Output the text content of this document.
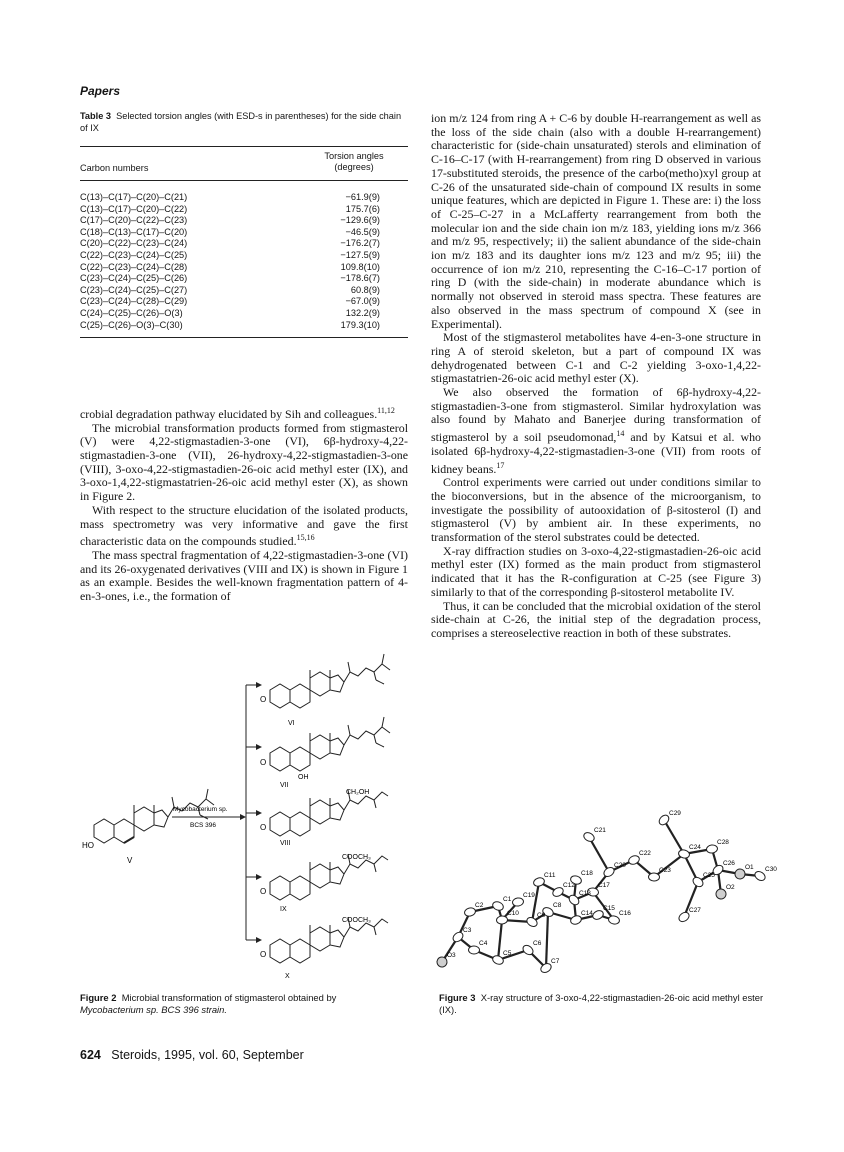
Papers
Table 3 Selected torsion angles (with ESD-s in parentheses) for the side chain of IX
Carbon numbers
Torsion angles
(degrees)
C(13)–C(17)–C(20)–C(21)	−61.9(9)
C(13)–C(17)–C(20)–C(22)	175.7(6)
C(17)–C(20)–C(22)–C(23)	−129.6(9)
C(18)–C(13)–C(17)–C(20)	−46.5(9)
C(20)–C(22)–C(23)–C(24)	−176.2(7)
C(22)–C(23)–C(24)–C(25)	−127.5(9)
C(22)–C(23)–C(24)–C(28)	109.8(10)
C(23)–C(24)–C(25)–C(26)	−178.6(7)
C(23)–C(24)–C(25)–C(27)	60.8(9)
C(23)–C(24)–C(28)–C(29)	−67.0(9)
C(24)–C(25)–C(26)–O(3)	132.2(9)
C(25)–C(26)–O(3)–C(30)	179.3(10)

crobial degradation pathway elucidated by Sih and colleagues.$^{11,12}$

The microbial transformation products formed from stigmasterol (V) were 4,22-stigmastadien-3-one (VI), 6β-hydroxy-4,22-stigmastadien-3-one (VII), 26-hydroxy-4,22-stigmastadien-3-one (VIII), 3-oxo-4,22-stigmastadien-26-oic acid methyl ester (IX), and 3-oxo-1,4,22-stigmastatrien-26-oic acid methyl ester (X), as shown in Figure 2.

With respect to the structure elucidation of the isolated products, mass spectrometry was very informative and gave the first characteristic data on the compounds studied.$^{15,16}$

The mass spectral fragmentation of 4,22-stigmastadien-3-one (VI) and its 26-oxygenated derivatives (VIII and IX) is shown in Figure 1 as an example. Besides the well-known fragmentation pattern of 4-en-3-ones, i.e., the formation of

ion m/z 124 from ring A + C-6 by double H-rearrangement as well as the loss of the side chain (also with a double H-rearrangement) characteristic for (side-chain unsaturated) sterols and elimination of C-16–C-17 (with H-rearrangement) from ring D observed in various 17-substituted steroids, the presence of the carbo(metho)xyl group at C-26 of the unsaturated side-chain of compound IX results in some unique features, which are depicted in Figure 1. These are: i) the loss of C-25–C-27 in a McLafferty rearrangement from both the molecular ion and the side chain ion m/z 183, yielding ions m/z 366 and m/z 95, respectively; ii) the salient abundance of the side-chain ion m/z 183 and its daughter ions m/z 123 and m/z 95; iii) the occurrence of ion m/z 210, representing the C-16–C-17 portion of ring D (with the side-chain) in moderate abundance which is normally not observed in steroid mass spectra. These features are also observed in the mass spectrum of compound X (see in Experimental).

Most of the stigmasterol metabolites have 4-en-3-one structure in ring A of steroid skeleton, but a part of compound IX was dehydrogenated between C-1 and C-2 yielding 3-oxo-1,4,22-stigmastatrien-26-oic acid methyl ester (X).

We also observed the formation of 6β-hydroxy-4,22-stigmastadien-3-one from stigmasterol. Similar hydroxylation was also found by Mahato and Banerjee during transformation of stigmasterol by a soil pseudomonad,$^{14}$ and by Katsui et al. who isolated 6β-hydroxy-4,22-stigmastadien-3-one (VII) from roots of kidney beans.$^{17}$

Control experiments were carried out under conditions similar to the bioconversions, but in the absence of the microorganism, to investigate the possibility of autooxidation of β-sitosterol (I) and stigmasterol (V) by ambient air. In these experiments, no transformation of the sterol substrates could be detected.

X-ray diffraction studies on 3-oxo-4,22-stigmastadien-26-oic acid methyl ester (IX) formed as the main product from stigmasterol indicated that it has the R-configuration at C-25 (see Figure 3) similarly to that of the corresponding β-sitosterol metabolite IV.

Thus, it can be concluded that the microbial oxidation of the sterol side-chain at C-26, the initial step of the degradation process, comprises a stereoselective reaction in both of these substrates.

HO
V
Mycobacterium sp.
BCS 396
O
VI
O
OH
VII
O
CH₂OH
VIII
O
COOCH₃
IX
O
COOCH₃
X
Figure 2 Microbial transformation of stigmasterol obtained by
Mycobacterium sp. BCS 396 strain.
C29
C28
C21
C22
C24
C26
O1 C30
C11	C18
C20
C23
C25
C2
C1
C12	C17
C13
C19
C8	C15
C16
C3
C10	C9	C14
O2
C27
C4	C6
O3	C5
C7
Figure 3 X-ray structure of 3-oxo-4,22-stigmastadien-26-oic acid methyl ester (IX).
624 Steroids, 1995, vol. 60, September
